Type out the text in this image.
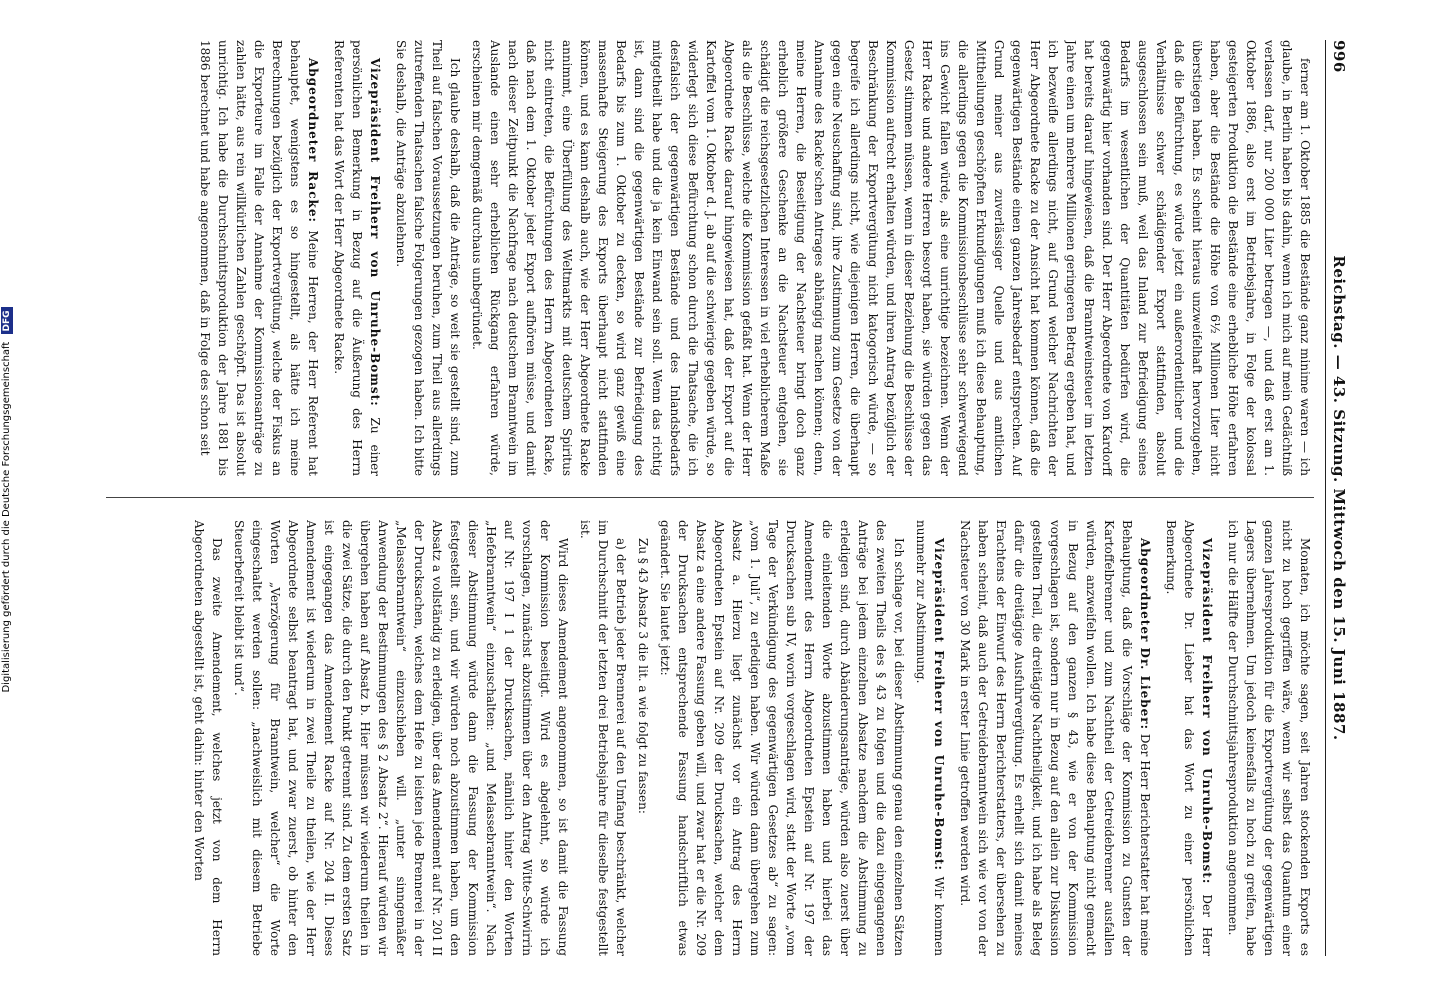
996
Reichstag. — 43. Sitzung. Mittwoch den 15. Juni 1887.

ferner am 1. Oktober 1885 die Bestände ganz minime waren — ich glaube, in Berlin haben bis dahin, wenn ich mich auf mein Gedächtniß verlassen darf, nur 200 000 Liter betragen —, und daß erst am 1. Oktober 1886, also erst im Betriebsjahre, in Folge der kolossal gesteigerten Produktion die Bestände eine erhebliche Höhe erfahren haben, aber die Bestände die Höhe von 6½ Millionen Liter nicht überstiegen haben. Es scheint hieraus unzweifelhaft hervorzugehen, daß die Befürchtung, es würde jetzt ein außerordentlicher und die Verhältnisse schwer schädigender Export stattfinden, absolut ausgeschlossen sein muß, weil das Inland zur Befriedigung seines Bedarfs im wesentlichen der Quantitäten bedürfen wird, die gegenwärtig hier vorhanden sind. Der Herr Abgeordnete von Kardorff hat bereits darauf hingewiesen, daß die Branntweinsteuer im letzten Jahre einen um mehrere Millionen geringeren Betrag ergeben hat, und ich bezweifle allerdings nicht, auf Grund welcher Nachrichten der Herr Abgeordnete Racke zu der Ansicht hat kommen können, daß die gegenwärtigen Bestände einen ganzen Jahresbedarf entsprechen. Auf Grund meiner aus zuverlässiger Quelle und aus amtlichen Mittheilungen geschöpften Erkundigungen muß ich diese Behauptung, die allerdings gegen die Kommissionsbeschlüsse sehr schwerwiegend ins Gewicht fallen würde, als eine unrichtige bezeichnen. Wenn der Herr Racke und andere Herren besorgt haben, sie würden gegen das Gesetz stimmen müssen, wenn in dieser Beziehung die Beschlüsse der Kommission aufrecht erhalten würden, und ihren Antrag bezüglich der Beschränkung der Exportvergütung nicht katogorisch würde, — so begreife ich allerdings nicht, wie diejenigen Herren, die überhaupt gegen eine Neuschaffung sind, ihre Zustimmung zum Gesetze von der Annahme des Racke'schen Antrages abhängig machen können; denn, meine Herren, die Beseitigung der Nachsteuer bringt doch ganz erheblich größere Geschenke an die Nachsteuer entgehen, sie schädigt die reichsgesetzlichen Interessen in viel erheblicherem Maße als die Beschlüsse, welche die Kommission gefaßt hat. Wenn der Herr Abgeordnete Racke darauf hingewiesen hat, daß der Export auf die Kartoffel vom 1. Oktober d. J. ab auf die schwierige gegeben würde, so widerlegt sich diese Befürchtung schon durch die Thatsache, die ich desfalsich der gegenwärtigen Bestände und des Inlandsbedarfs mitgetheilt habe und die ja kein Einwand sein soll. Wenn das richtig ist, dann sind die gegenwärtigen Bestände zur Befriedigung des Bedarfs bis zum 1. Oktober zu decken, so wird ganz gewiß eine massenhafte Steigerung des Exports überhaupt nicht stattfinden können, und es kann deshalb auch, wie der Herr Abgeordnete Racke annimmt, eine Überfüllung des Weltmarkts mit deutschem Spiritus nicht eintreten, die Befürchtungen des Herrn Abgeordneten Racke, daß nach dem 1. Oktober jeder Export aufhören müsse, und damit nach dieser Zeitpunkt die Nachfrage nach deutschem Branntwein im Auslande einen sehr erheblichen Rückgang erfahren würde, erscheinen mir demgemäß durchaus unbegründet.

Ich glaube deshalb, daß die Anträge, so weit sie gestellt sind, zum Theil auf falschen Voraussetzungen beruhen, zum Theil aus allerdings zutreffenden Thatsachen falsche Folgerungen gezogen haben. Ich bitte Sie deshalb, die Anträge abzulehnen.

Vizepräsident Freiherr von Unruhe-Bomst: Zu einer persönlichen Bemerkung in Bezug auf die Äußerung des Herrn Referenten hat das Wort der Herr Abgeordnete Racke.

Abgeordneter Racke: Meine Herren, der Herr Referent hat behauptet, wenigstens es so hingestellt, als hätte ich meine Berechnungen bezüglich der Exportvergütung, welche der Fiskus an die Exporteure im Falle der Annahme der Kommissionsanträge zu zahlen hätte, aus rein willkürlichen Zahlen geschöpft. Das ist absolut unrichtig. Ich habe die Durchschnittsproduktion der Jahre 1881 bis 1886 berechnet und habe angenommen, daß in Folge des schon seit

Monaten, ich möchte sagen, seit Jahren stockenden Exports es nicht zu hoch gegriffen wäre, wenn wir selbst das Quantum einer ganzen Jahresproduktion für die Exportvergütung der gegenwärtigen Lagers übernehmen. Um jedoch keinesfalls zu hoch zu greifen, habe ich nur die Hälfte der Durchschnittsjahresproduktion angenommen.

Vizepräsident Freiherr von Unruhe-Bomst: Der Herr Abgeordnete Dr. Lieber hat das Wort zu einer persönlichen Bemerkung.

Abgeordneter Dr. Lieber: Der Herr Berichterstatter hat meine Behauptung, daß die Vorschläge der Kommission zu Gunsten der Kartoffelbrenner und zum Nachtheil der Getreidebrenner ausfallen würden, anzweifeln wollen. Ich habe diese Behauptung nicht gemacht in Bezug auf den ganzen § 43, wie er von der Kommission vorgeschlagen ist, sondern nur in Bezug auf den allein zur Diskussion gestellten Theil, die dreitägige Nachtheiligkeit, und ich habe als Beleg dafür die dreitägige Ausfuhrvergütung. Es erhellt sich damit meines Erachtens der Einwurf des Herrn Berichterstatters, der übersehen zu haben scheint, daß auch der Getreidebranntwein sich wie vor von der Nachsteuer von 30 Mark in erster Linie getroffen werden wird.

Vizepräsident Freiherr von Unruhe-Bomst: Wir kommen nunmehr zur Abstimmung.

Ich schlage vor, bei dieser Abstimmung genau den einzelnen Sätzen des zweiten Theils des § 43 zu folgen und die dazu eingegangenen Anträge bei jedem einzelnen Absatze nachdem die Abstimmung zu erledigen sind, durch Abänderungsanträge, würden also zuerst über die einleitenden Worte abzustimmen haben und hierbei das Amendement des Herrn Abgeordneten Epstein auf Nr. 197 der Drucksachen sub IV, worin vorgeschlagen wird, statt der Worte „vom Tage der Verkündigung des gegenwärtigen Gesetzes ab“ zu sagen: „vom 1. Juli“, zu erledigen haben. Wir würden dann übergehen zum Absatz a. Hierzu liegt zunächst vor ein Antrag des Herrn Abgeordneten Epstein auf Nr. 209 der Drucksachen, welcher dem Absatz a eine andere Fassung geben will, und zwar hat er die Nr. 209 der Drucksachen entsprechende Fassung handschriftlich etwas geändert. Sie lautet jetzt:

Zu § 43 Absatz 3 die lit. a wie folgt zu fassen:

a) der Betrieb jeder Brennerei auf den Umfang beschränkt, welcher im Durchschnitt der letzten drei Betriebsjahre für dieselbe festgestellt ist.

Wird dieses Amendement angenommen, so ist damit die Fassung der Kommission beseitigt. Wird es abgelehnt, so würde ich vorschlagen, zunächst abzustimmen über den Antrag Witte-Schwirrin auf Nr. 197 I 1 der Drucksachen, nämlich hinter den Worten „Hefebranntwein“ einzuschalten: „und Melassebranntwein“. Nach dieser Abstimmung würde dann die Fassung der Kommission festgestellt sein, und wir würden noch abzustimmen haben, um den Absatz a vollständig zu erledigen, über das Amendement auf Nr. 201 II der Drucksachen, welches dem Hefe zu leisten jede Brennerei in der „Melassebranntwein“ einzuschieben will. „unter sinngemäßer Anwendung der Bestimmungen des § 2 Absatz 2“. Hierauf würden wir übergehen haben auf Absatz b. Hier müssen wir wiederum theilen in die zwei Sätze, die durch den Punkt getrennt sind. Zu dem ersten Satz ist eingegangen das Amendement Racke auf Nr. 204 II. Dieses Amendement ist wiederum in zwei Theile zu theilen, wie der Herr Abgeordnete selbst beantragt hat, und zwar zuerst, ob hinter den Worten „Verzögerung für Branntwein, welcher“ die Worte eingeschaltet werden sollen: „nachweislich mit diesem Betriebe Steuerbefreit bleibt ist und“.

Das zweite Amendement, welches jetzt von dem Herrn Abgeordneten abgestellt ist, geht dahin: hinter den Worten

Digitalisierung gefördert durch die Deutsche Forschungsgemeinschaft DFG
